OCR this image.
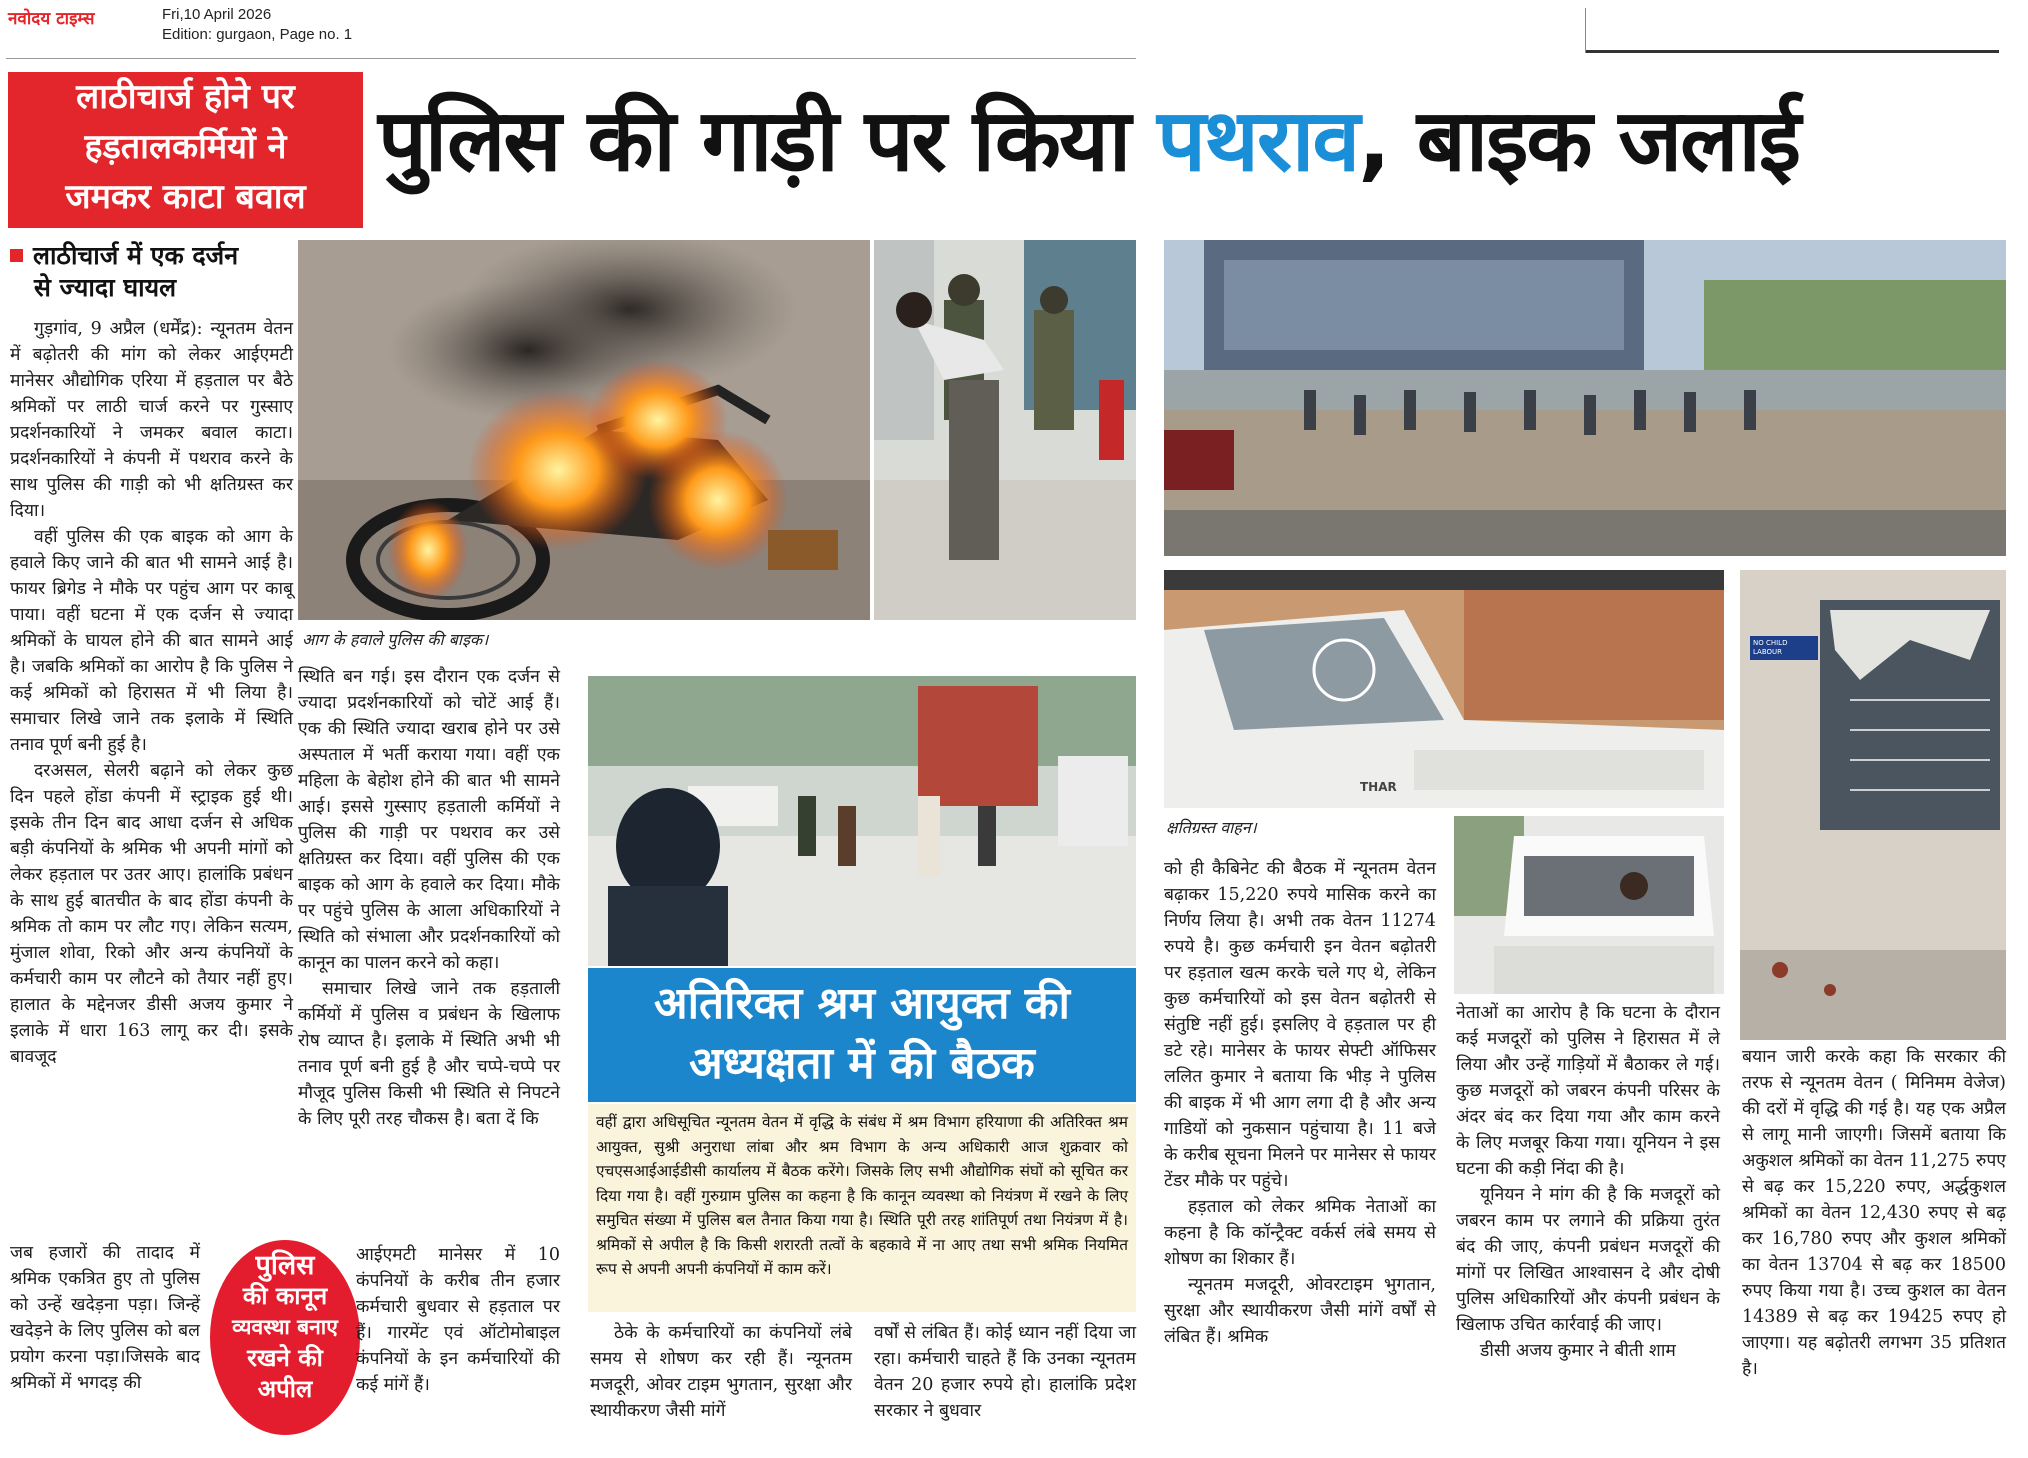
नवोदय टाइम्स	Fri,10 April 2026
Edition: gurgaon, Page no. 1
लाठीचार्ज होने पर
हड़तालकर्मियों ने
जमकर काटा बवाल
पुलिस की गाड़ी पर किया पथराव, बाइक जलाई
लाठीचार्ज में एक दर्जन
से ज्यादा घायल

गुड़गांव, 9 अप्रैल (धर्मेंद्र): न्यूनतम वेतन में बढ़ोतरी की मांग को लेकर आईएमटी मानेसर औद्योगिक एरिया में हड़ताल पर बैठे श्रमिकों पर लाठी चार्ज करने पर गुस्साए प्रदर्शनकारियों ने जमकर बवाल काटा। प्रदर्शनकारियों ने कंपनी में पथराव करने के साथ पुलिस की गाड़ी को भी क्षतिग्रस्त कर दिया।

वहीं पुलिस की एक बाइक को आग के हवाले किए जाने की बात भी सामने आई है। फायर ब्रिगेड ने मौके पर पहुंच आग पर काबू पाया। वहीं घटना में एक दर्जन से ज्यादा श्रमिकों के घायल होने की बात सामने आई है। जबकि श्रमिकों का आरोप है कि पुलिस ने कई श्रमिकों को हिरासत में भी लिया है। समाचार लिखे जाने तक इलाके में स्थिति तनाव पूर्ण बनी हुई है।

दरअसल, सेलरी बढ़ाने को लेकर कुछ दिन पहले होंडा कंपनी में स्ट्राइक हुई थी। इसके तीन दिन बाद आधा दर्जन से अधिक बड़ी कंपनियों के श्रमिक भी अपनी मांगों को लेकर हड़ताल पर उतर आए। हालांकि प्रबंधन के साथ हुई बातचीत के बाद होंडा कंपनी के श्रमिक तो काम पर लौट गए। लेकिन सत्यम, मुंजाल शोवा, रिको और अन्य कंपनियों के कर्मचारी काम पर लौटने को तैयार नहीं हुए। हालात के मद्देनजर डीसी अजय कुमार ने इलाके में धारा 163 लागू कर दी। इसके बावजूद

जब हजारों की तादाद में श्रमिक एकत्रित हुए तो पुलिस को उन्हें खदेड़ना पड़ा। जिन्हें खदेड़ने के लिए पुलिस को बल प्रयोग करना पड़ा।जिसके बाद श्रमिकों में भगदड़ की

पुलिस
की कानून
व्यवस्था बनाए
रखने की
अपील

स्थिति बन गई। इस दौरान एक दर्जन से ज्यादा प्रदर्शनकारियों को चोटें आई हैं। एक की स्थिति ज्यादा खराब होने पर उसे अस्पताल में भर्ती कराया गया। वहीं एक महिला के बेहोश होने की बात भी सामने आई। इससे गुस्साए हड़ताली कर्मियों ने पुलिस की गाड़ी पर पथराव कर उसे क्षतिग्रस्त कर दिया। वहीं पुलिस की एक बाइक को आग के हवाले कर दिया। मौके पर पहुंचे पुलिस के आला अधिकारियों ने स्थिति को संभाला और प्रदर्शनकारियों को कानून का पालन करने को कहा।

समाचार लिखे जाने तक हड़ताली कर्मियों में पुलिस व प्रबंधन के खिलाफ रोष व्याप्त है। इलाके में स्थिति अभी भी तनाव पूर्ण बनी हुई है और चप्पे-चप्पे पर मौजूद पुलिस किसी भी स्थिति से निपटने के लिए पूरी तरह चौकस है। बता दें कि

आईएमटी मानेसर में 10 कंपनियों के करीब तीन हजार कर्मचारी बुधवार से हड़ताल पर हैं। गारमेंट एवं ऑटोमोबाइल कंपनियों के इन कर्मचारियों की कई मांगें हैं।

आग के हवाले पुलिस की बाइक।
अतिरिक्त श्रम आयुक्त की
अध्यक्षता में की बैठक
वहीं द्वारा अधिसूचित न्यूनतम वेतन में वृद्धि के संबंध में श्रम विभाग हरियाणा की अतिरिक्त श्रम आयुक्त, सुश्री अनुराधा लांबा और श्रम विभाग के अन्य अधिकारी आज शुक्रवार को एचएसआईआईडीसी कार्यालय में बैठक करेंगे। जिसके लिए सभी औद्योगिक संघों को सूचित कर दिया गया है। वहीं गुरुग्राम पुलिस का कहना है कि कानून व्यवस्था को नियंत्रण में रखने के लिए समुचित संख्या में पुलिस बल तैनात किया गया है। स्थिति पूरी तरह शांतिपूर्ण तथा नियंत्रण में है। श्रमिकों से अपील है कि किसी शरारती तत्वों के बहकावे में ना आए तथा सभी श्रमिक नियमित रूप से अपनी अपनी कंपनियों में काम करें।

ठेके के कर्मचारियों का कंपनियों लंबे समय से शोषण कर रही हैं। न्यूनतम मजदूरी, ओवर टाइम भुगतान, सुरक्षा और स्थायीकरण जैसी मांगें

वर्षों से लंबित हैं। कोई ध्यान नहीं दिया जा रहा। कर्मचारी चाहते हैं कि उनका न्यूनतम वेतन 20 हजार रुपये हो। हालांकि प्रदेश सरकार ने बुधवार

THAR
क्षतिग्रस्त वाहन।
NO CHILD LABOUR

को ही कैबिनेट की बैठक में न्यूनतम वेतन बढ़ाकर 15,220 रुपये मासिक करने का निर्णय लिया है। अभी तक वेतन 11274 रुपये है। कुछ कर्मचारी इन वेतन बढ़ोतरी पर हड़ताल खत्म करके चले गए थे, लेकिन कुछ कर्मचारियों को इस वेतन बढ़ोतरी से संतुष्टि नहीं हुई। इसलिए वे हड़ताल पर ही डटे रहे। मानेसर के फायर सेफ्टी ऑफिसर ललित कुमार ने बताया कि भीड़ ने पुलिस की बाइक में भी आग लगा दी है और अन्य गाडियों को नुकसान पहुंचाया है। 11 बजे के करीब सूचना मिलने पर मानेसर से फायर टेंडर मौके पर पहुंचे।

हड़ताल को लेकर श्रमिक नेताओं का कहना है कि कॉन्ट्रैक्ट वर्कर्स लंबे समय से शोषण का शिकार हैं।

न्यूनतम मजदूरी, ओवरटाइम भुगतान, सुरक्षा और स्थायीकरण जैसी मांगें वर्षों से लंबित हैं। श्रमिक

नेताओं का आरोप है कि घटना के दौरान कई मजदूरों को पुलिस ने हिरासत में ले लिया और उन्हें गाड़ियों में बैठाकर ले गई। कुछ मजदूरों को जबरन कंपनी परिसर के अंदर बंद कर दिया गया और काम करने के लिए मजबूर किया गया। यूनियन ने इस घटना की कड़ी निंदा की है।

यूनियन ने मांग की है कि मजदूरों को जबरन काम पर लगाने की प्रक्रिया तुरंत बंद की जाए, कंपनी प्रबंधन मजदूरों की मांगों पर लिखित आश्वासन दे और दोषी पुलिस अधिकारियों और कंपनी प्रबंधन के खिलाफ उचित कार्रवाई की जाए।

डीसी अजय कुमार ने बीती शाम

बयान जारी करके कहा कि सरकार की तरफ से न्यूनतम वेतन ( मिनिमम वेजेज) की दरों में वृद्धि की गई है। यह एक अप्रैल से लागू मानी जाएगी। जिसमें बताया कि अकुशल श्रमिकों का वेतन 11,275 रुपए से बढ़ कर 15,220 रुपए, अर्द्धकुशल श्रमिकों का वेतन 12,430 रुपए से बढ़ कर 16,780 रुपए और कुशल श्रमिकों का वेतन 13704 से बढ़ कर 18500 रुपए किया गया है। उच्च कुशल का वेतन 14389 से बढ़ कर 19425 रुपए हो जाएगा। यह बढ़ोतरी लगभग 35 प्रतिशत है।
